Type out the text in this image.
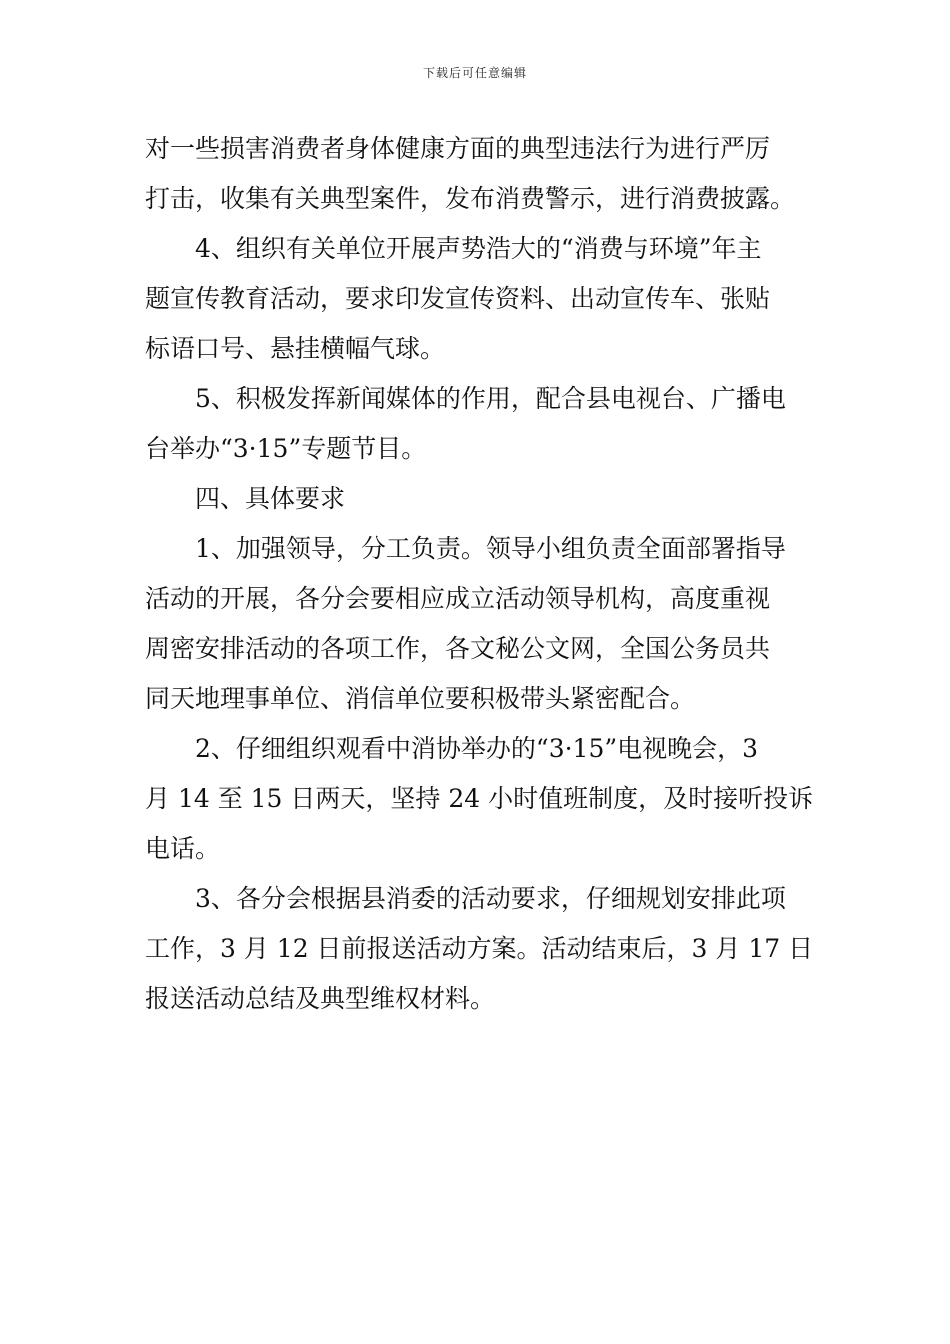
下载后可任意编辑
对一些损害消费者身体健康方面的典型违法行为进行严厉
打击，收集有关典型案件，发布消费警示，进行消费披露。
4、组织有关单位开展声势浩大的“消费与环境”年主
题宣传教育活动，要求印发宣传资料、出动宣传车、张贴
标语口号、悬挂横幅气球。
5、积极发挥新闻媒体的作用，配合县电视台、广播电
台举办“3·15”专题节目。
四、具体要求
1、加强领导，分工负责。领导小组负责全面部署指导
活动的开展，各分会要相应成立活动领导机构，高度重视
周密安排活动的各项工作，各文秘公文网，全国公务员共
同天地理事单位、消信单位要积极带头紧密配合。
2、仔细组织观看中消协举办的“3·15”电视晚会，3
月 14 至 15 日两天，坚持 24 小时值班制度，及时接听投诉
电话。
3、各分会根据县消委的活动要求，仔细规划安排此项
工作，3 月 12 日前报送活动方案。活动结束后，3 月 17 日
报送活动总结及典型维权材料。
